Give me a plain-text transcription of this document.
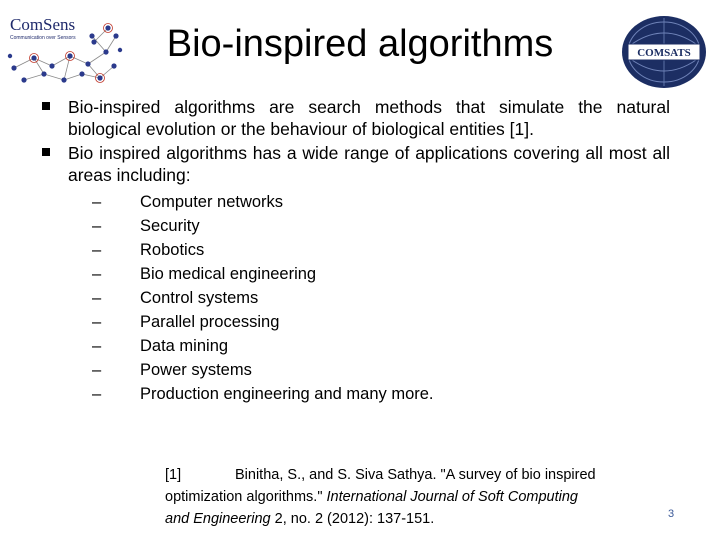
ComSens
Communication over Sensors	Bio-inspired algorithms	COMSATS
Bio-inspired algorithms are search methods that simulate the natural biological evolution or the behaviour of biological entities [1].
Bio inspired algorithms has a wide range of applications covering all most all areas including:
– Computer networks
– Security
– Robotics
– Bio medical engineering
– Control systems
– Parallel processing
– Data mining
– Power systems
– Production engineering and many more.
[1]	Binitha, S., and S. Siva Sathya. "A survey of bio inspired optimization algorithms." International Journal of Soft Computing and Engineering 2, no. 2 (2012): 137-151.	3
